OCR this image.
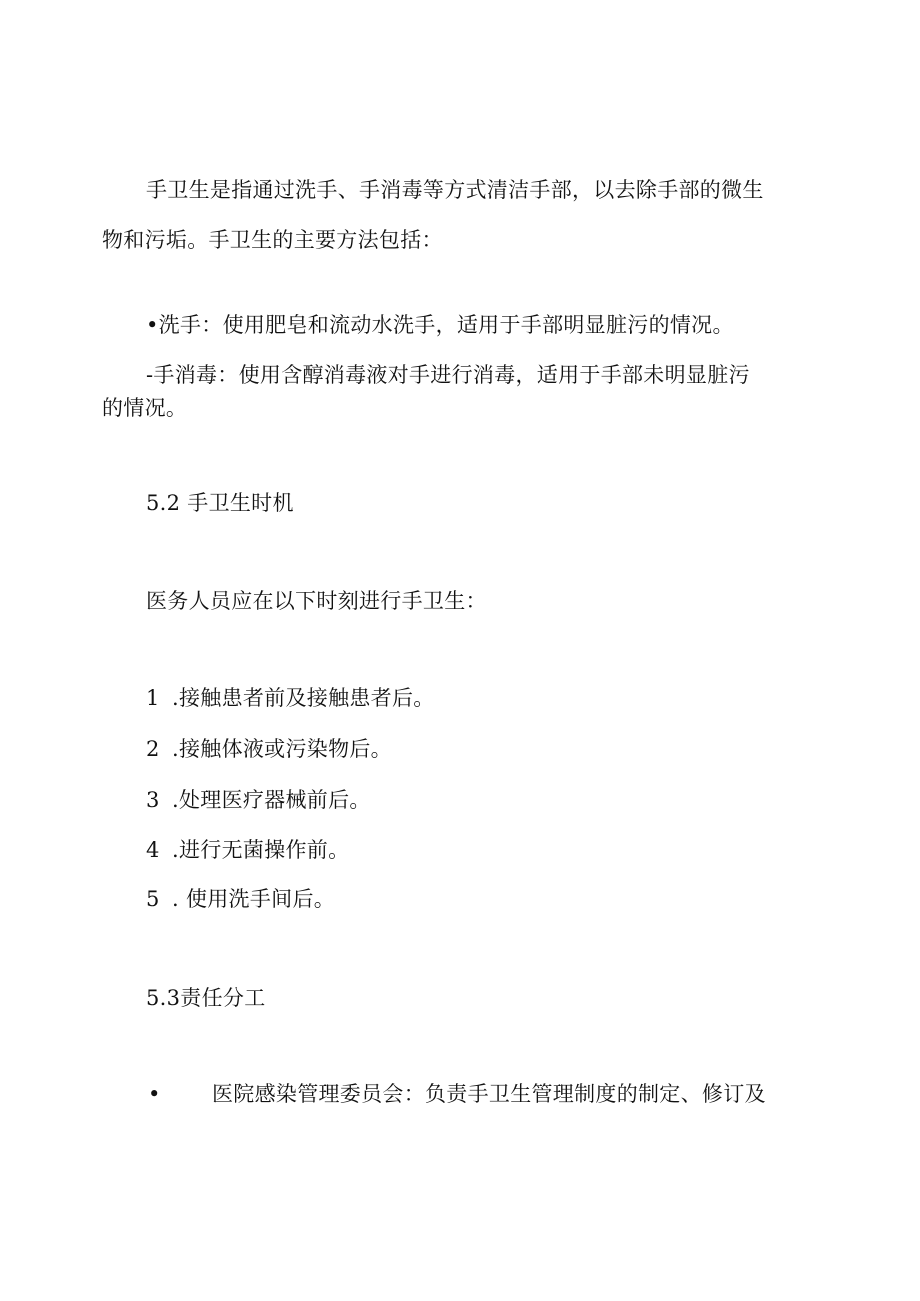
手卫生是指通过洗手、手消毒等方式清洁手部，以去除手部的微生
物和污垢。手卫生的主要方法包括：
•洗手：使用肥皂和流动水洗手，适用于手部明显脏污的情况。
-手消毒：使用含醇消毒液对手进行消毒，适用于手部未明显脏污
的情况。
5.2 手卫生时机
医务人员应在以下时刻进行手卫生：
1 .接触患者前及接触患者后。
2 .接触体液或污染物后。
3 .处理医疗器械前后。
4 .进行无菌操作前。
5 . 使用洗手间后。
5.3责任分工
• 医院感染管理委员会：负责手卫生管理制度的制定、修订及
